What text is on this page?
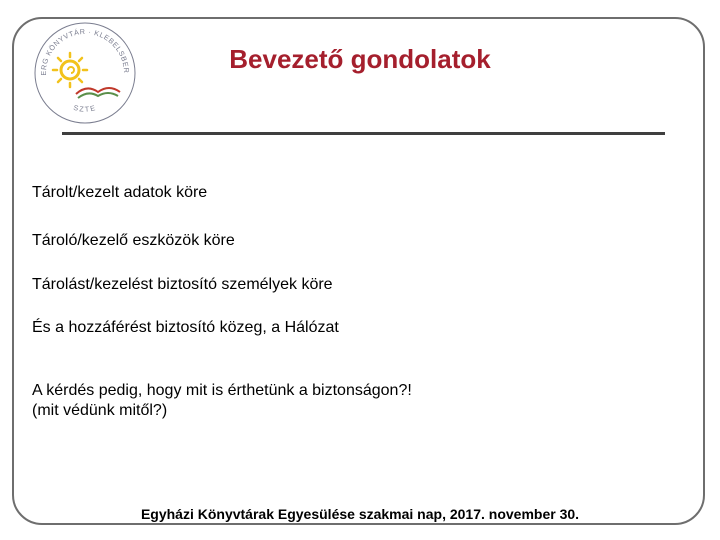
ERG KÖNYVTÁR · KLEBELSBER
SZTE
Bevezető gondolatok

Tárolt/kezelt adatok köre

Tároló/kezelő eszközök köre

Tárolást/kezelést biztosító személyek köre

És a hozzáférést biztosító közeg, a Hálózat

A kérdés pedig, hogy mit is érthetünk a biztonságon?!
(mit védünk mitől?)

Egyházi Könyvtárak Egyesülése szakmai nap, 2017. november 30.
